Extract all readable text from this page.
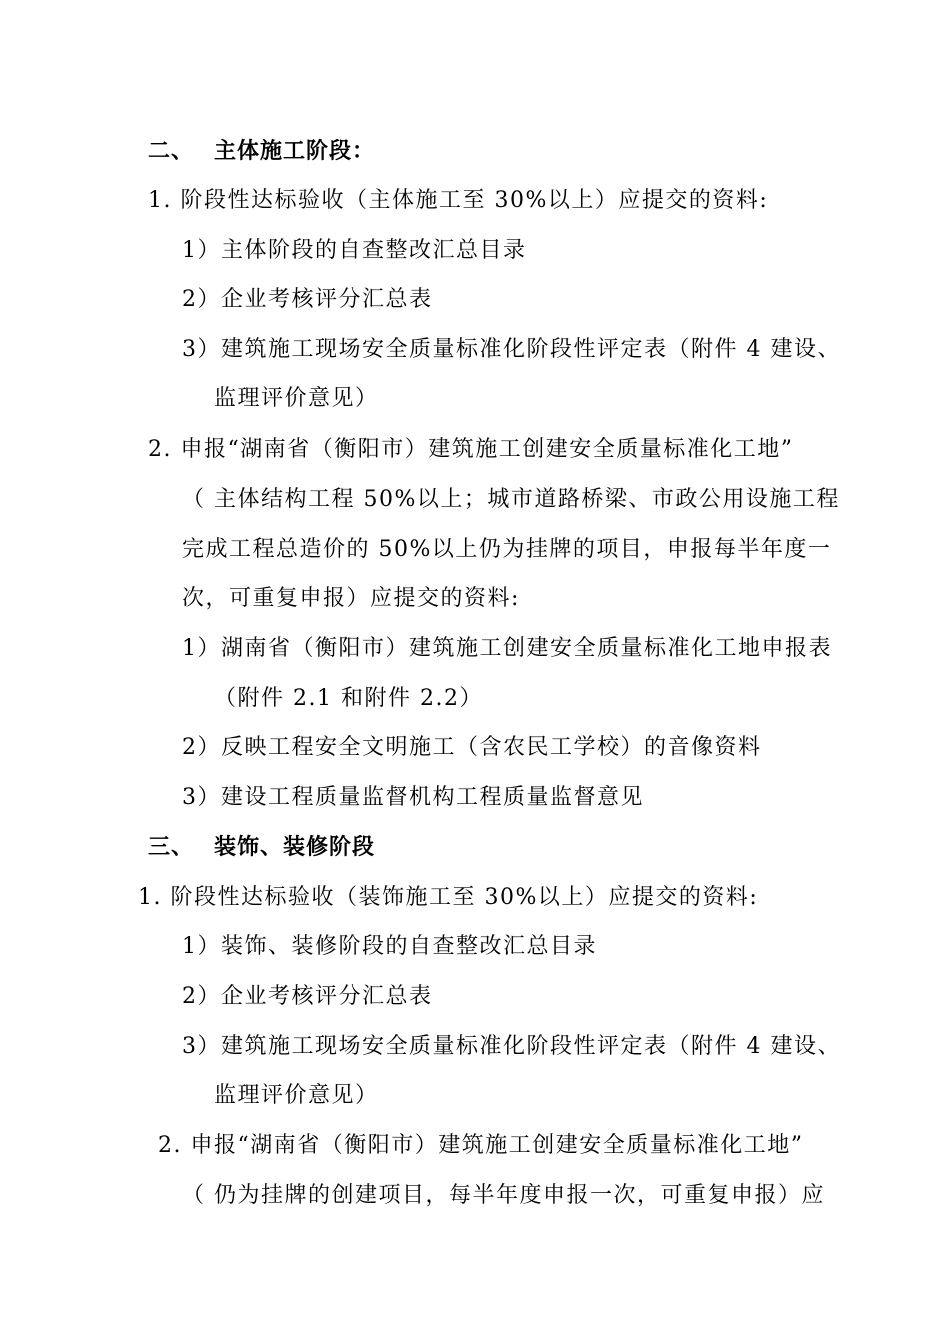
二、 主体施工阶段：
1. 阶段性达标验收（主体施工至 30%以上）应提交的资料:
1）主体阶段的自查整改汇总目录
2）企业考核评分汇总表
3）建筑施工现场安全质量标准化阶段性评定表（附件 4 建设、
监理评价意见）
2. 申报“湖南省（衡阳市）建筑施工创建安全质量标准化工地”
（ 主体结构工程 50%以上；城市道路桥梁、市政公用设施工程
完成工程总造价的 50%以上仍为挂牌的项目，申报每半年度一
次，可重复申报）应提交的资料:
1）湖南省（衡阳市）建筑施工创建安全质量标准化工地申报表
（附件 2.1 和附件 2.2）
2）反映工程安全文明施工（含农民工学校）的音像资料
3）建设工程质量监督机构工程质量监督意见
三、 装饰、装修阶段
1. 阶段性达标验收（装饰施工至 30%以上）应提交的资料:
1）装饰、装修阶段的自查整改汇总目录
2）企业考核评分汇总表
3）建筑施工现场安全质量标准化阶段性评定表（附件 4 建设、
监理评价意见）
2. 申报“湖南省（衡阳市）建筑施工创建安全质量标准化工地”
（ 仍为挂牌的创建项目，每半年度申报一次，可重复申报）应
